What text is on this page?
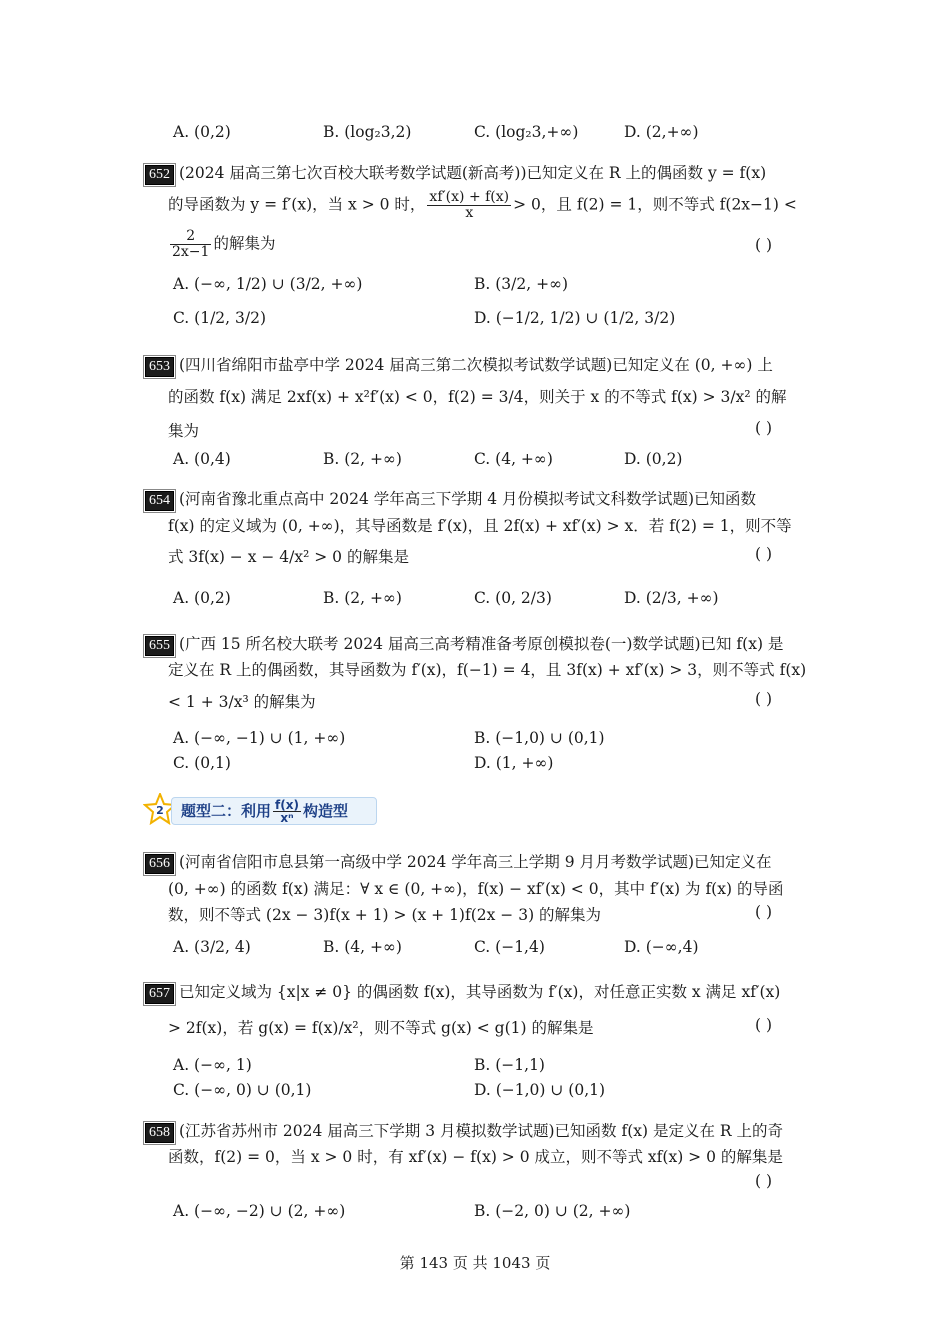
A. (0,2)	B. (log₂3,2)	C. (log₂3,+∞)	D. (2,+∞)
652 (2024 届高三第七次百校大联考数学试题(新高考))已知定义在 R 上的偶函数 y = f(x)
的导函数为 y = f′(x)，当 x > 0 时， $\frac{xf'(x) + f(x)}{x} > 0$，且 f(2) = 1，则不等式 f(2x−1) <
$\frac{2}{2x-1}$ 的解集为	( )
A. (−∞, 1/2) ∪ (3/2, +∞)	B. (3/2, +∞)
C. (1/2, 3/2)	D. (−1/2, 1/2) ∪ (1/2, 3/2)
653 (四川省绵阳市盐亭中学 2024 届高三第二次模拟考试数学试题)已知定义在 (0, +∞) 上
的函数 f(x) 满足 2xf(x) + x²f′(x) < 0，f(2) = 3/4，则关于 x 的不等式 f(x) > 3/x² 的解
集为	( )
A. (0,4)	B. (2, +∞)	C. (4, +∞)	D. (0,2)
654 (河南省豫北重点高中 2024 学年高三下学期 4 月份模拟考试文科数学试题)已知函数
f(x) 的定义域为 (0, +∞)，其导函数是 f′(x)，且 2f(x) + xf′(x) > x．若 f(2) = 1，则不等
式 3f(x) − x − 4/x² > 0 的解集是	( )
A. (0,2)	B. (2, +∞)	C. (0, 2/3)	D. (2/3, +∞)
655 (广西 15 所名校大联考 2024 届高三高考精准备考原创模拟卷(一)数学试题)已知 f(x) 是
定义在 R 上的偶函数，其导函数为 f′(x)，f(−1) = 4，且 3f(x) + xf′(x) > 3，则不等式 f(x)
< 1 + 3/x³ 的解集为	( )
A. (−∞, −1) ∪ (1, +∞)	B. (−1,0) ∪ (0,1)
C. (0,1)	D. (1, +∞)
2 题型二：利用 $\frac{f(x)}{\text{xⁿ}}$ 构造型
656 (河南省信阳市息县第一高级中学 2024 学年高三上学期 9 月月考数学试题)已知定义在
(0, +∞) 的函数 f(x) 满足：∀ x ∈ (0, +∞)，f(x) − xf′(x) < 0，其中 f′(x) 为 f(x) 的导函
数，则不等式 (2x − 3)f(x + 1) > (x + 1)f(2x − 3) 的解集为	( )
A. (3/2, 4)	B. (4, +∞)	C. (−1,4)	D. (−∞,4)
657 已知定义域为 {x|x ≠ 0} 的偶函数 f(x)，其导函数为 f′(x)，对任意正实数 x 满足 xf′(x)
> 2f(x)，若 g(x) = f(x)/x²，则不等式 g(x) < g(1) 的解集是	( )
A. (−∞, 1)	B. (−1,1)
C. (−∞, 0) ∪ (0,1)	D. (−1,0) ∪ (0,1)
658 (江苏省苏州市 2024 届高三下学期 3 月模拟数学试题)已知函数 f(x) 是定义在 R 上的奇
函数，f(2) = 0，当 x > 0 时，有 xf′(x) − f(x) > 0 成立，则不等式 xf(x) > 0 的解集是
( )
A. (−∞, −2) ∪ (2, +∞)	B. (−2, 0) ∪ (2, +∞)
第 143 页 共 1043 页
